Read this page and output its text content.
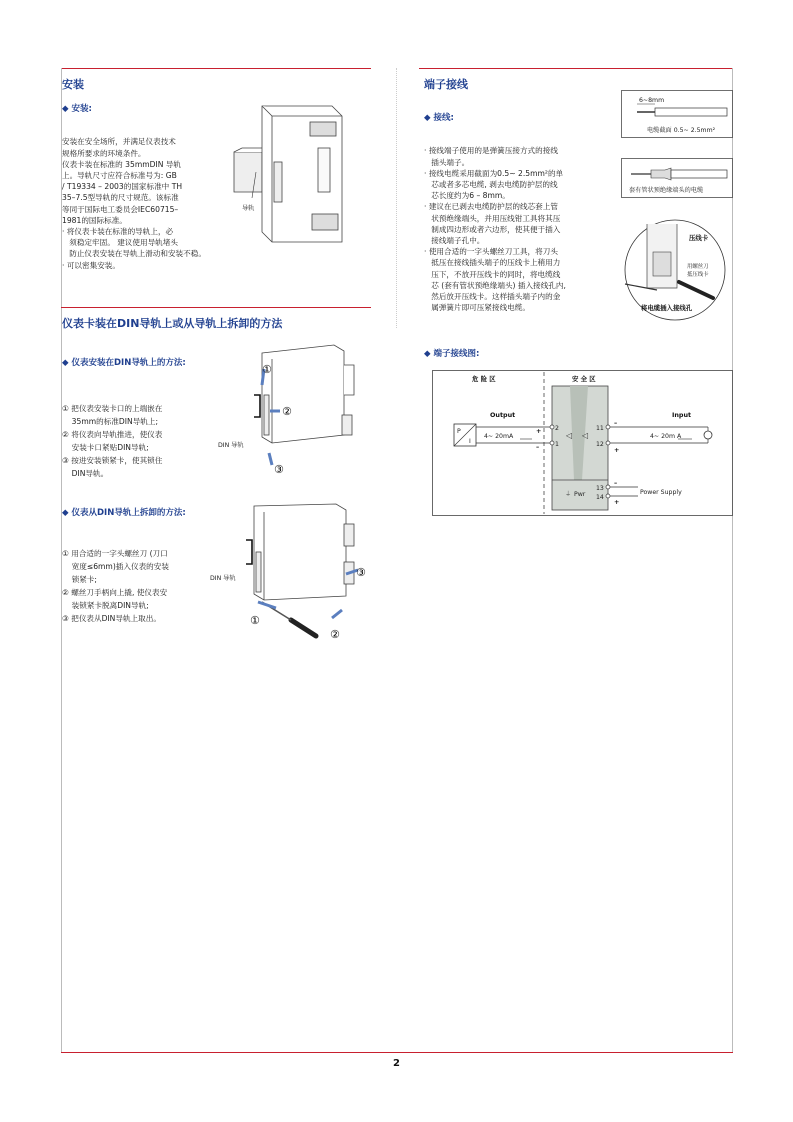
安装
◆ 安装:

安装在安全场所，并满足仪表技术
规格所要求的环境条件。
仪表卡装在标准的 35mmDIN 导轨
上。导轨尺寸应符合标准号为: GB
/ T19334 – 2003的国家标准中 TH
35–7.5型导轨的尺寸规范。该标准
等同于国际电工委员会IEC60715–
1981的国际标准。
· 将仪表卡装在标准的导轨上，必
须稳定牢固。 建议使用导轨堵头
防止仪表安装在导轨上滑动和安装不稳。
· 可以密集安装。

导轨
仪表卡装在DIN导轨上或从导轨上拆卸的方法
◆ 仪表安装在DIN导轨上的方法:

① 把仪表安装卡口的上端嵌在
35mm的标准DIN导轨上;
② 将仪表向导轨推进，使仪表
安装卡口紧贴DIN导轨;
③ 按进安装锁紧卡，使其锁住
DIN导轨。

①
②
③
DIN 导轨
◆ 仪表从DIN导轨上拆卸的方法:

① 用合适的一字头螺丝刀 (刀口
宽度≤6mm)插入仪表的安装
锁紧卡;
② 螺丝刀手柄向上撬, 使仪表安
装锁紧卡脱离DIN导轨;
③ 把仪表从DIN导轨上取出。	①
②
③
DIN 导轨
端子接线
◆ 接线:

· 接线端子使用的是弹簧压接方式的接线
插头端子。
· 接线电缆采用截面为0.5~ 2.5mm²的单
芯或者多芯电缆, 剥去电缆防护层的线
芯长度约为6 – 8mm。
· 建议在已剥去电缆防护层的线芯套上管
状预绝缘端头，并用压线钳工具将其压
制成四边形或者六边形，使其便于插入
接线端子孔中。
· 使用合适的一字头螺丝刀工具，将刀头
抵压在接线插头端子的压线卡上稍用力
压下，不放开压线卡的同时，将电缆线
芯 (套有管状预绝缘端头) 插入接线孔内,
然后放开压线卡。这样插头端子内的金
属弹簧片即可压紧接线电缆。

6~8mm
电缆截面 0.5~ 2.5mm²
套有管状预绝缘端头的电缆
压线卡
用螺丝刀
抵压线卡
将电缆插入接线孔
◆ 端子接线图:
危 险 区	安 全 区
◁ ◁
⏚ Pwr
2
1
11
12
13
14
Output
P
I
4~ 20mA
+
–
Input
4~ 20m A
–
+
Power Supply
–
+
2
